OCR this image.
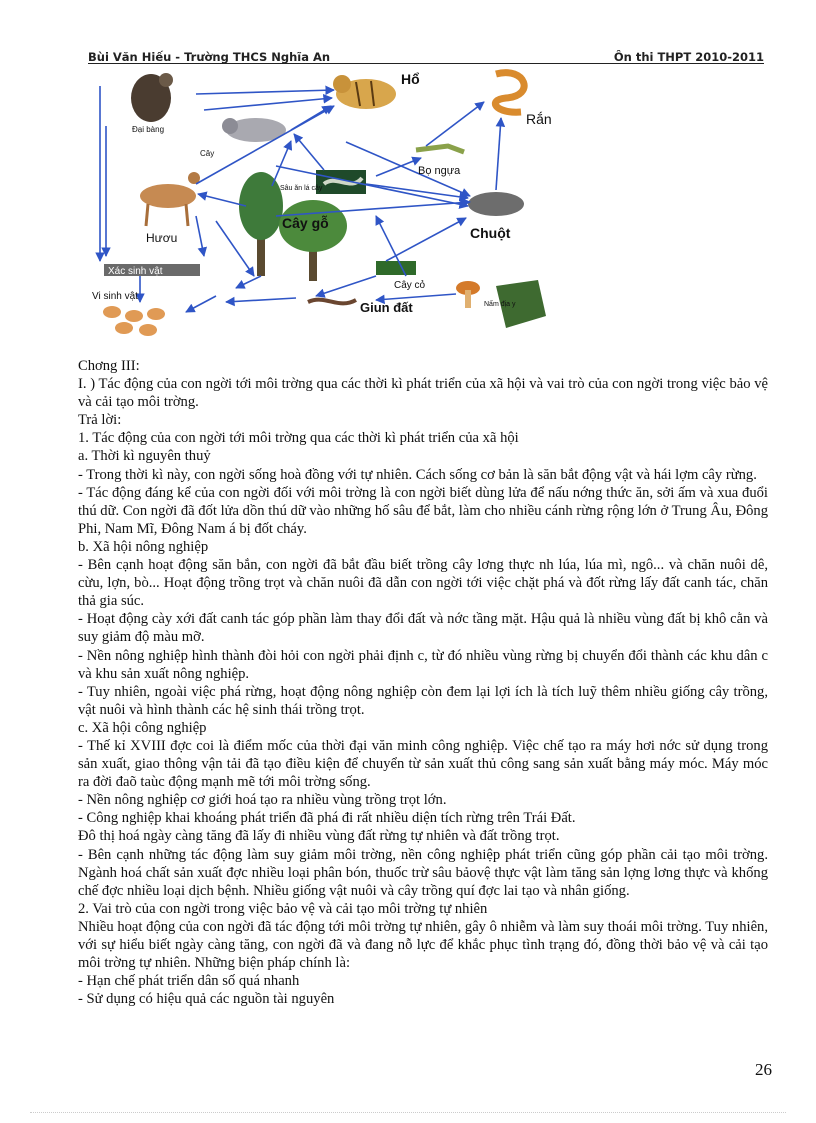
Bùi Văn Hiếu - Trường THCS Nghĩa An	Ôn thi THPT 2010-2011
Đại bàng
Hổ
Rắn
Cây
Bọ ngựa
Sâu ăn lá cây
Cây gỗ
Hươu	Chuột
Xác sinh vật
Vi sinh vật
Cây cỏ
Giun đất	Nấm địa y

Chơng III:

I. ) Tác động của con ngời tới môi trờng qua các thời kì phát triển của xã hội và vai trò của con ngời trong việc bảo vệ và cải tạo môi trờng.

Trả lời:

1. Tác động của con ngời tới môi trờng qua các thời kì phát triển của xã hội

a. Thời kì nguyên thuỷ

- Trong thời kì này, con ngời sống hoà đồng với tự nhiên. Cách sống cơ bản là săn bắt động vật và hái lợm cây rừng.

- Tác động đáng kể của con ngời đối với môi trờng là con ngời biết dùng lửa để nấu nớng thức ăn, sởi ấm và xua đuổi thú dữ. Con ngời đã đốt lửa dồn thú dữ vào những hố sâu để bắt, làm cho nhiều cánh rừng rộng lớn ở Trung Âu, Đông Phi, Nam Mĩ, Đông Nam á bị đốt cháy.

b. Xã hội nông nghiệp

- Bên cạnh hoạt động săn bắn, con ngời đã bắt đầu biết trồng cây lơng thực nh lúa, lúa mì, ngô... và chăn nuôi dê, cừu, lợn, bò... Hoạt động trồng trọt và chăn nuôi đã dẫn con ngời tới việc chặt phá và đốt rừng lấy đất canh tác, chăn thả gia súc.

- Hoạt động cày xới đất canh tác góp phần làm thay đổi đất và nớc tầng mặt. Hậu quả là nhiều vùng đất bị khô cằn và suy giảm độ màu mỡ.

- Nền nông nghiệp hình thành đòi hỏi con ngời phải định c, từ đó nhiều vùng rừng bị chuyển đổi thành các khu dân c và khu sản xuất nông nghiệp.

- Tuy nhiên, ngoài việc phá rừng, hoạt động nông nghiệp còn đem lại lợi ích là tích luỹ thêm nhiều giống cây trồng, vật nuôi và hình thành các hệ sinh thái trồng trọt.

c. Xã hội công nghiệp

- Thế kỉ XVIII đợc coi là điểm mốc của thời đại văn minh công nghiệp. Việc chế tạo ra máy hơi nớc sử dụng trong sản xuất, giao thông vận tải đã tạo điều kiện để chuyển từ sản xuất thủ công sang sản xuất bằng máy móc. Máy móc ra đời đaõ taùc động mạnh mẽ tới môi trờng sống.

- Nền nông nghiệp cơ giới hoá tạo ra nhiều vùng trồng trọt lớn.

- Công nghiệp khai khoáng phát triển đã phá đi rất nhiều diện tích rừng trên Trái Đất.

Đô thị hoá ngày càng tăng đã lấy đi nhiều vùng đất rừng tự nhiên và đất trồng trọt.

- Bên cạnh những tác động làm suy giảm môi trờng, nền công nghiệp phát triển cũng góp phần cải tạo môi trờng. Ngành hoá chất sản xuất đợc nhiều loại phân bón, thuốc trừ sâu bảovệ thực vật làm tăng sản lợng lơng thực và khống chế đợc nhiều loại dịch bệnh. Nhiều giống vật nuôi và cây trồng quí đợc lai tạo và nhân giống.

2. Vai trò của con ngời trong việc bảo vệ và cải tạo môi trờng tự nhiên

Nhiều hoạt động của con ngời đã tác động tới môi trờng tự nhiên, gây ô nhiễm và làm suy thoái môi trờng. Tuy nhiên, với sự hiểu biết ngày càng tăng, con ngời đã và đang nỗ lực để khắc phục tình trạng đó, đồng thời bảo vệ và cải tạo môi trờng tự nhiên. Những biện pháp chính là:

- Hạn chế phát triển dân số quá nhanh

- Sử dụng có hiệu quả các nguồn tài nguyên

26
